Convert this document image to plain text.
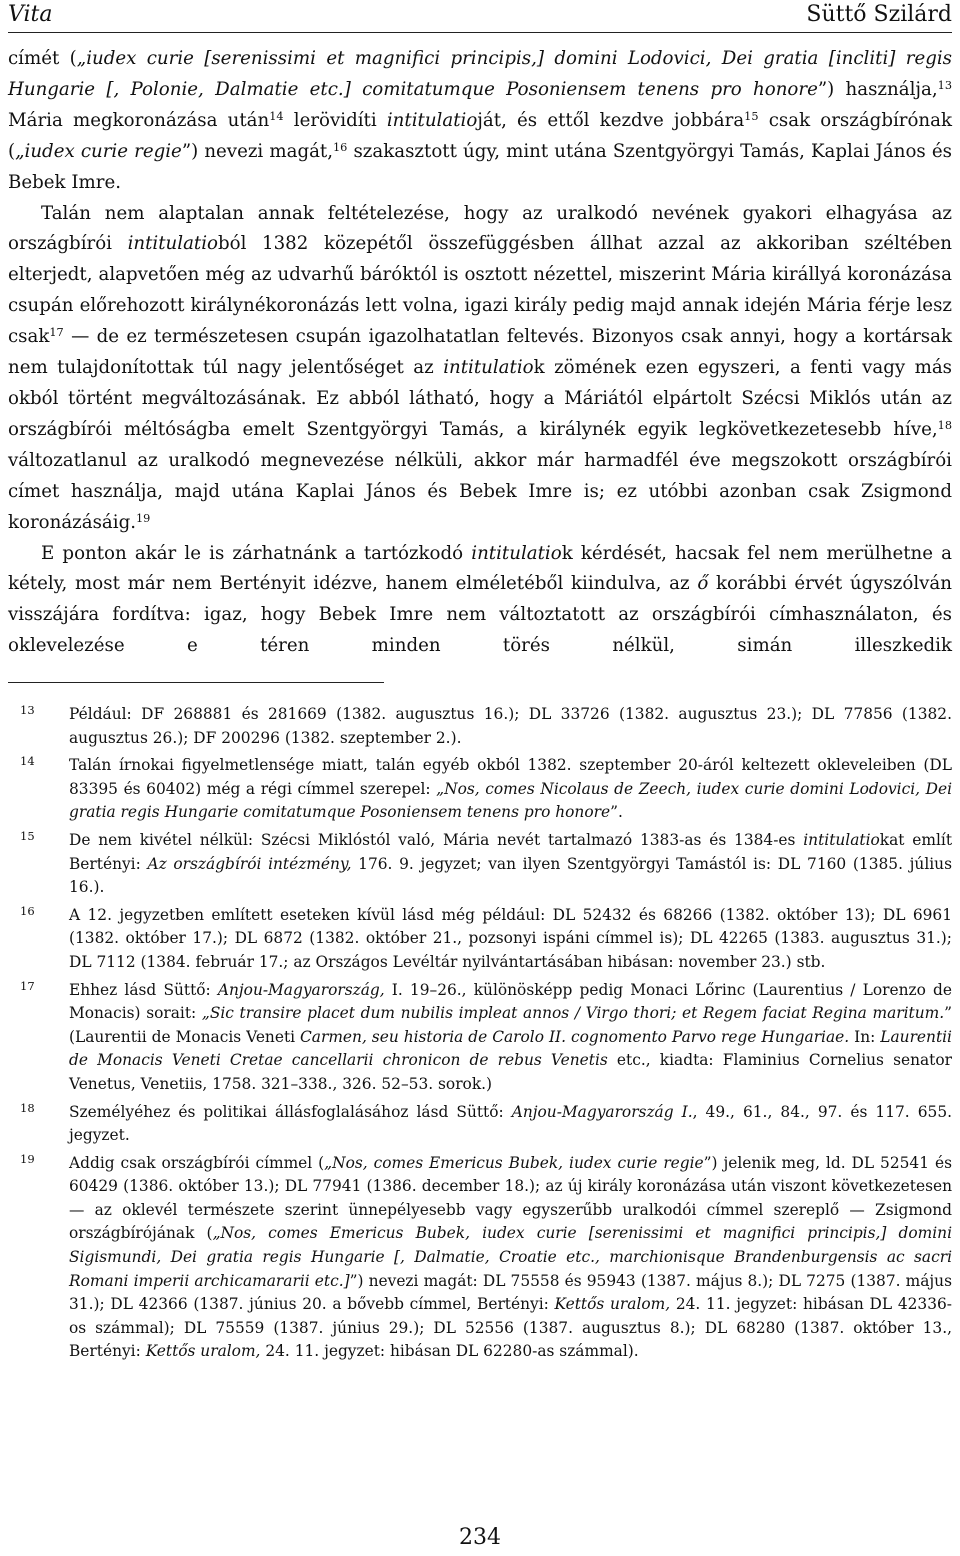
Vita	Süttő Szilárd

címét („iudex curie [serenissimi et magnifici principis,] domini Lodovici, Dei gratia [incliti] regis Hungarie [, Polonie, Dalmatie etc.] comitatumque Posoniensem tenens pro honore”) használja,$^{13}$ Mária megkoronázása után$^{14}$ lerövidíti intitulatioját, és ettől kezdve jobbára$^{15}$ csak országbírónak („iudex curie regie”) nevezi magát,$^{16}$ szakasztott úgy, mint utána Szentgyörgyi Tamás, Kaplai János és Bebek Imre.

Talán nem alaptalan annak feltételezése, hogy az uralkodó nevének gyakori elhagyása az országbírói intitulatioból 1382 közepétől összefüggésben állhat azzal az akkoriban széltében elterjedt, alapvetően még az udvarhű báróktól is osztott nézettel, miszerint Mária királlyá koronázása csupán előrehozott királynékoronázás lett volna, igazi király pedig majd annak idején Mária férje lesz csak$^{17}$ — de ez természetesen csupán igazolhatatlan feltevés. Bizonyos csak annyi, hogy a kortársak nem tulajdonítottak túl nagy jelentőséget az intitulatiok zömének ezen egyszeri, a fenti vagy más okból történt megváltozásának. Ez abból látható, hogy a Máriától elpártolt Szécsi Miklós után az országbírói méltóságba emelt Szentgyörgyi Tamás, a királynék egyik legkövetkezetesebb híve,$^{18}$ változatlanul az uralkodó megnevezése nélküli, akkor már harmadfél éve megszokott országbírói címet használja, majd utána Kaplai János és Bebek Imre is; ez utóbbi azonban csak Zsigmond koronázásáig.$^{19}$

E ponton akár le is zárhatnánk a tartózkodó intitulatiok kérdését, hacsak fel nem merülhetne a kétely, most már nem Bertényit idézve, hanem elméletéből kiindulva, az ő korábbi érvét úgyszólván visszájára fordítva: igaz, hogy Bebek Imre nem változtatott az országbírói címhasználaton, és oklevelezése e téren minden törés nélkül, simán illeszkedik

13 Például: DF 268881 és 281669 (1382. augusztus 16.); DL 33726 (1382. augusztus 23.); DL 77856 (1382. augusztus 26.); DF 200296 (1382. szeptember 2.).
14 Talán írnokai figyelmetlensége miatt, talán egyéb okból 1382. szeptember 20-áról keltezett okleveleiben (DL 83395 és 60402) még a régi címmel szerepel: „Nos, comes Nicolaus de Zeech, iudex curie domini Lodovici, Dei gratia regis Hungarie comitatumque Posoniensem tenens pro honore”.
15 De nem kivétel nélkül: Szécsi Miklóstól való, Mária nevét tartalmazó 1383-as és 1384-es intitulatiokat említ Bertényi: Az országbírói intézmény, 176. 9. jegyzet; van ilyen Szentgyörgyi Tamástól is: DL 7160 (1385. július 16.).
16 A 12. jegyzetben említett eseteken kívül lásd még például: DL 52432 és 68266 (1382. október 13); DL 6961 (1382. október 17.); DL 6872 (1382. október 21., pozsonyi ispáni címmel is); DL 42265 (1383. augusztus 31.); DL 7112 (1384. február 17.; az Országos Levéltár nyilvántartásában hibásan: november 23.) stb.
17 Ehhez lásd Süttő: Anjou-Magyarország, I. 19–26., különösképp pedig Monaci Lőrinc (Laurentius / Lorenzo de Monacis) sorait: „Sic transire placet dum nubilis impleat annos / Virgo thori; et Regem faciat Regina maritum.” (Laurentii de Monacis Veneti Carmen, seu historia de Carolo II. cognomento Parvo rege Hungariae. In: Laurentii de Monacis Veneti Cretae cancellarii chronicon de rebus Venetis etc., kiadta: Flaminius Cornelius senator Venetus, Venetiis, 1758. 321–338., 326. 52–53. sorok.)
18 Személyéhez és politikai állásfoglalásához lásd Süttő: Anjou-Magyarország I., 49., 61., 84., 97. és 117. 655. jegyzet.
19 Addig csak országbírói címmel („Nos, comes Emericus Bubek, iudex curie regie”) jelenik meg, ld. DL 52541 és 60429 (1386. október 13.); DL 77941 (1386. december 18.); az új király koronázása után viszont következetesen — az oklevél természete szerint ünnepélyesebb vagy egyszerűbb uralkodói címmel szereplő — Zsigmond országbírójának („Nos, comes Emericus Bubek, iudex curie [serenissimi et magnifici principis,] domini Sigismundi, Dei gratia regis Hungarie [, Dalmatie, Croatie etc., marchionisque Brandenburgensis ac sacri Romani imperii archicamararii etc.]”) nevezi magát: DL 75558 és 95943 (1387. május 8.); DL 7275 (1387. május 31.); DL 42366 (1387. június 20. a bővebb címmel, Bertényi: Kettős uralom, 24. 11. jegyzet: hibásan DL 42336-os számmal); DL 75559 (1387. június 29.); DL 52556 (1387. augusztus 8.); DL 68280 (1387. október 13., Bertényi: Kettős uralom, 24. 11. jegyzet: hibásan DL 62280-as számmal).
234
